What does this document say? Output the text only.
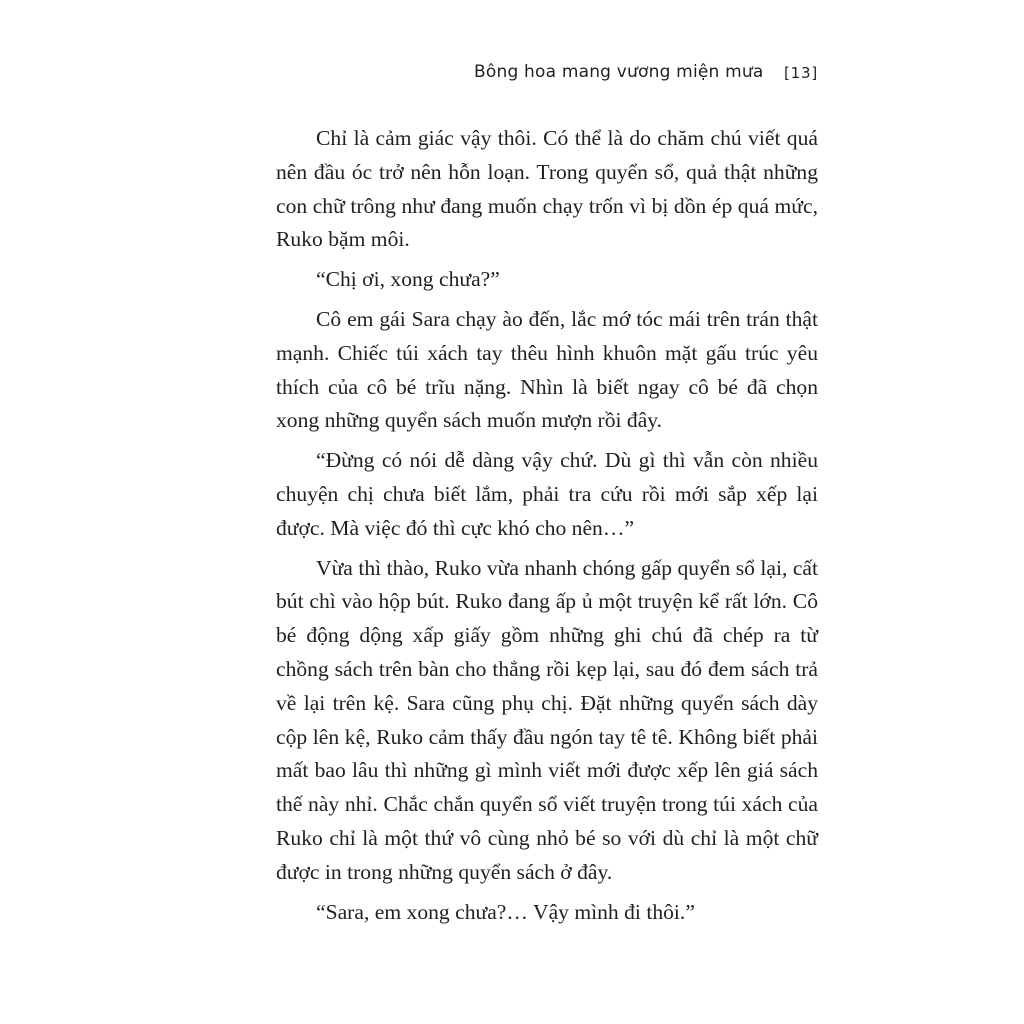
Bông hoa mang vương miện mưa [13]

Chỉ là cảm giác vậy thôi. Có thể là do chăm chú viết quá nên đầu óc trở nên hỗn loạn. Trong quyển sổ, quả thật những con chữ trông như đang muốn chạy trốn vì bị dồn ép quá mức, Ruko bặm môi.

“Chị ơi, xong chưa?”

Cô em gái Sara chạy ào đến, lắc mớ tóc mái trên trán thật mạnh. Chiếc túi xách tay thêu hình khuôn mặt gấu trúc yêu thích của cô bé trĩu nặng. Nhìn là biết ngay cô bé đã chọn xong những quyển sách muốn mượn rồi đây.

“Đừng có nói dễ dàng vậy chứ. Dù gì thì vẫn còn nhiều chuyện chị chưa biết lắm, phải tra cứu rồi mới sắp xếp lại được. Mà việc đó thì cực khó cho nên…”

Vừa thì thào, Ruko vừa nhanh chóng gấp quyển sổ lại, cất bút chì vào hộp bút. Ruko đang ấp ủ một truyện kể rất lớn. Cô bé động dộng xấp giấy gồm những ghi chú đã chép ra từ chồng sách trên bàn cho thẳng rồi kẹp lại, sau đó đem sách trả về lại trên kệ. Sara cũng phụ chị. Đặt những quyển sách dày cộp lên kệ, Ruko cảm thấy đầu ngón tay tê tê. Không biết phải mất bao lâu thì những gì mình viết mới được xếp lên giá sách thế này nhỉ. Chắc chắn quyển sổ viết truyện trong túi xách của Ruko chỉ là một thứ vô cùng nhỏ bé so với dù chỉ là một chữ được in trong những quyển sách ở đây.

“Sara, em xong chưa?… Vậy mình đi thôi.”
